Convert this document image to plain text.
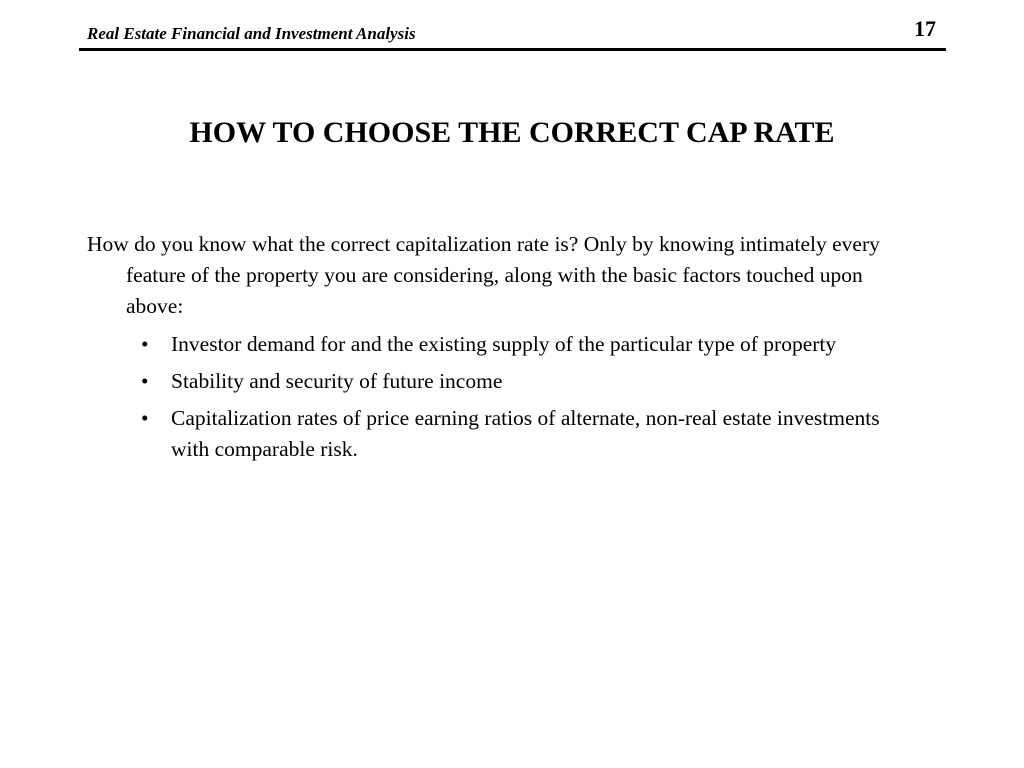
Real Estate Financial and Investment Analysis	17
HOW TO CHOOSE THE CORRECT CAP RATE

How do you know what the correct capitalization rate is? Only by knowing intimately every feature of the property you are considering, along with the basic factors touched upon above:

• Investor demand for and the existing supply of the particular type of property
• Stability and security of future income
• Capitalization rates of price earning ratios of alternate, non-real estate investments with comparable risk.
